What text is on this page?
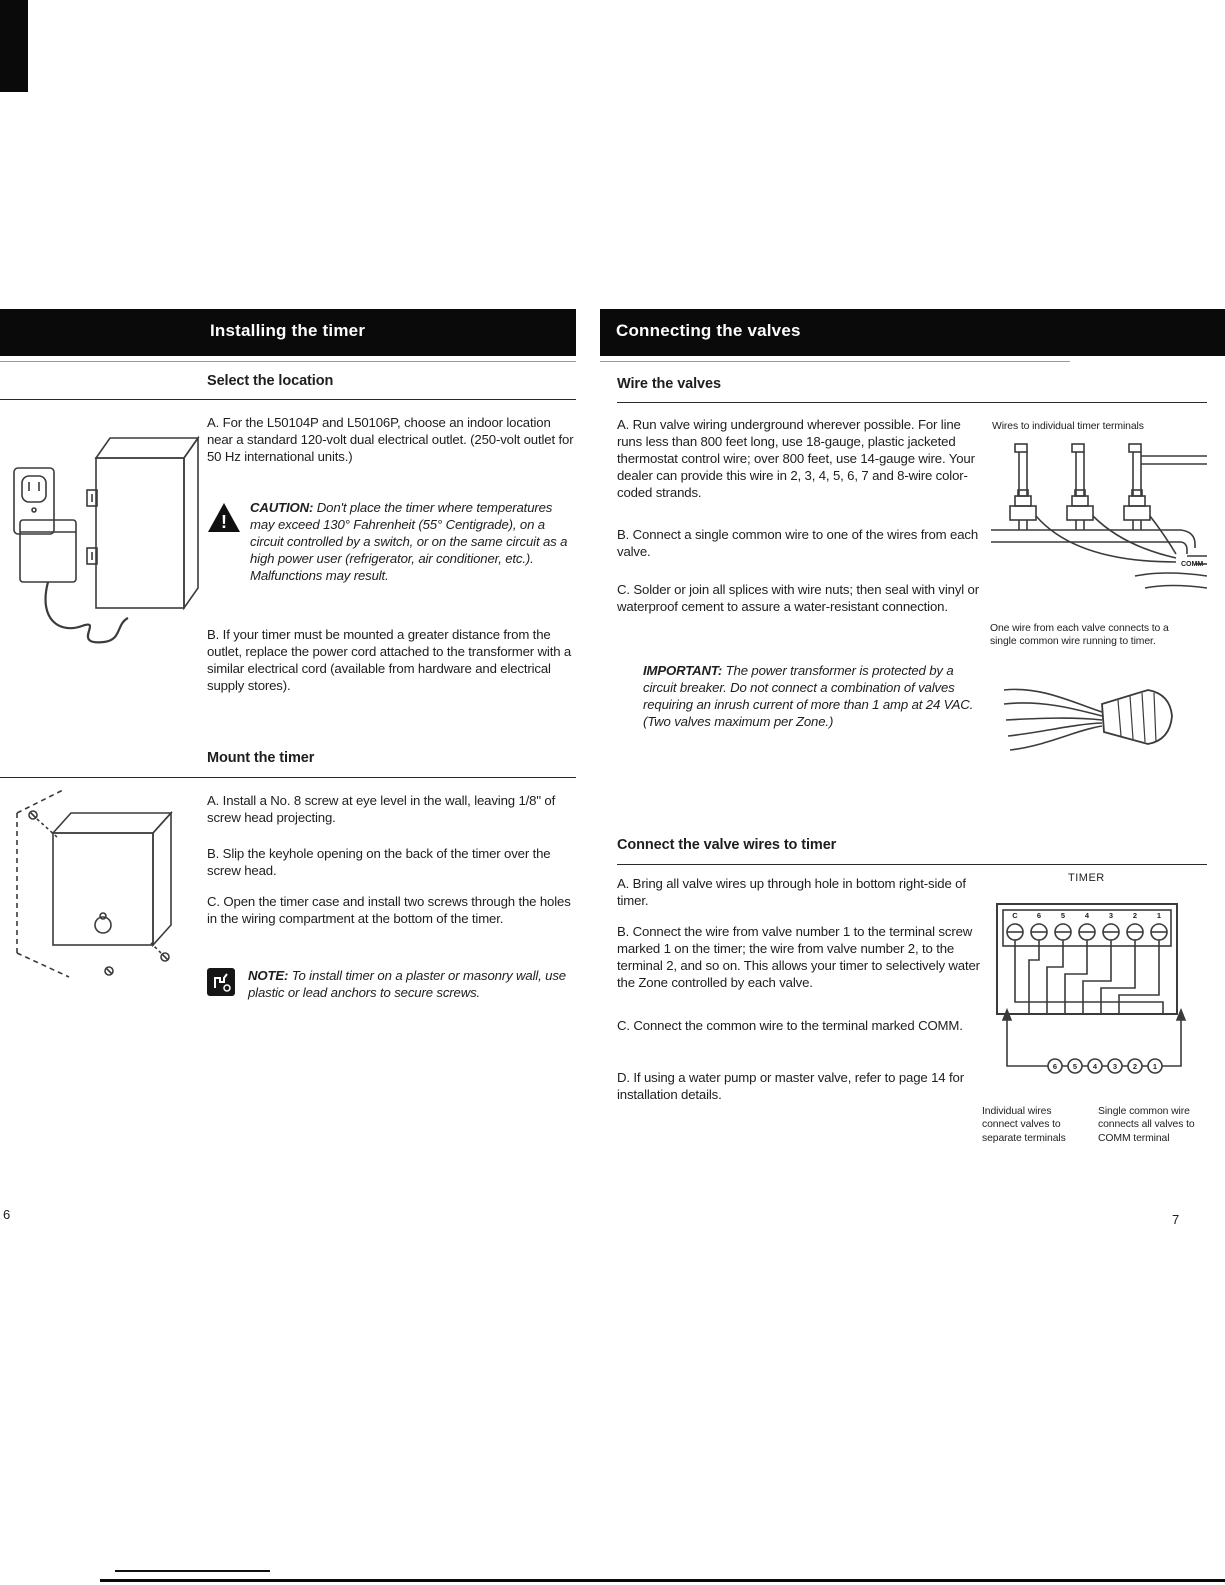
Installing the timer	Connecting the valves
Select the location
A. For the L50104P and L50106P, choose an indoor location near a standard 120-volt dual electrical outlet. (250-volt outlet for 50 Hz international units.)
!
CAUTION: Don't place the timer where temperatures may exceed 130° Fahrenheit (55° Centigrade), on a circuit controlled by a switch, or on the same circuit as a high power user (refrigerator, air conditioner, etc.). Malfunctions may result.
B. If your timer must be mounted a greater distance from the outlet, replace the power cord attached to the transformer with a similar electrical cord (available from hardware and electrical supply stores).
Mount the timer
A. Install a No. 8 screw at eye level in the wall, leaving 1/8" of screw head projecting.
B. Slip the keyhole opening on the back of the timer over the screw head.
C. Open the timer case and install two screws through the holes in the wiring compartment at the bottom of the timer.
NOTE: To install timer on a plaster or masonry wall, use plastic or lead anchors to secure screws.
Wire the valves
A. Run valve wiring underground wherever possible. For line runs less than 800 feet long, use 18-gauge, plastic jacketed thermostat control wire; over 800 feet, use 14-gauge wire. Your dealer can provide this wire in 2, 3, 4, 5, 6, 7 and 8-wire color-coded strands.
B. Connect a single common wire to one of the wires from each valve.
C. Solder or join all splices with wire nuts; then seal with vinyl or waterproof cement to assure a water-resistant connection.
IMPORTANT: The power transformer is protected by a circuit breaker. Do not connect a combination of valves requiring an inrush current of more than 1 amp at 24 VAC.
(Two valves maximum per Zone.)
Wires to individual timer terminals
COMM
One wire from each valve connects to a single common wire running to timer.
Connect the valve wires to timer
A. Bring all valve wires up through hole in bottom right-side of timer.
B. Connect the wire from valve number 1 to the terminal screw marked 1 on the timer; the wire from valve number 2, to the terminal 2, and so on. This allows your timer to selectively water the Zone controlled by each valve.
C. Connect the common wire to the terminal marked COMM.
D. If using a water pump or master valve, refer to page 14 for installation details.
TIMER
C	6	5	4	3	2	1
6 5 4 3 2 1
Individual wires connect valves to separate terminals
Single common wire connects all valves to COMM terminal
6	7
